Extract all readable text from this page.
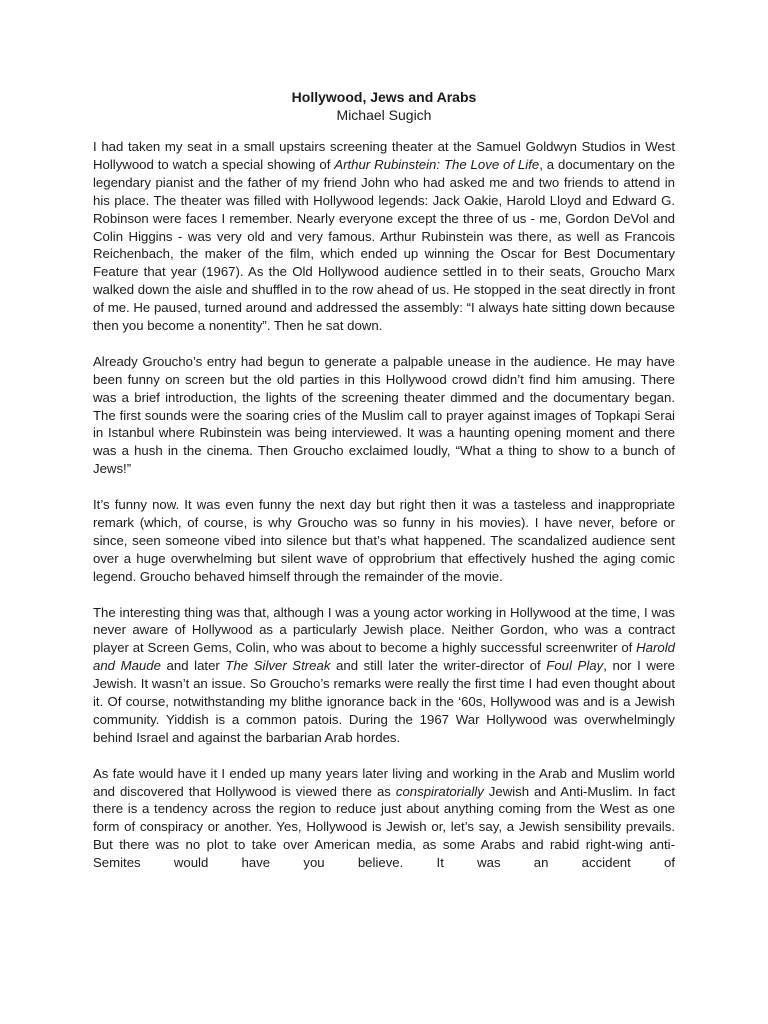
Hollywood, Jews and Arabs
Michael Sugich

I had taken my seat in a small upstairs screening theater at the Samuel Goldwyn Studios in West Hollywood to watch a special showing of Arthur Rubinstein: The Love of Life, a documentary on the legendary pianist and the father of my friend John who had asked me and two friends to attend in his place. The theater was filled with Hollywood legends: Jack Oakie, Harold Lloyd and Edward G. Robinson were faces I remember. Nearly everyone except the three of us - me, Gordon DeVol and Colin Higgins - was very old and very famous. Arthur Rubinstein was there, as well as Francois Reichenbach, the maker of the film, which ended up winning the Oscar for Best Documentary Feature that year (1967). As the Old Hollywood audience settled in to their seats, Groucho Marx walked down the aisle and shuffled in to the row ahead of us. He stopped in the seat directly in front of me. He paused, turned around and addressed the assembly: “I always hate sitting down because then you become a nonentity”. Then he sat down.

Already Groucho’s entry had begun to generate a palpable unease in the audience. He may have been funny on screen but the old parties in this Hollywood crowd didn’t find him amusing. There was a brief introduction, the lights of the screening theater dimmed and the documentary began. The first sounds were the soaring cries of the Muslim call to prayer against images of Topkapi Serai in Istanbul where Rubinstein was being interviewed. It was a haunting opening moment and there was a hush in the cinema. Then Groucho exclaimed loudly, “What a thing to show to a bunch of Jews!”

It’s funny now. It was even funny the next day but right then it was a tasteless and inappropriate remark (which, of course, is why Groucho was so funny in his movies). I have never, before or since, seen someone vibed into silence but that’s what happened. The scandalized audience sent over a huge overwhelming but silent wave of opprobrium that effectively hushed the aging comic legend. Groucho behaved himself through the remainder of the movie.

The interesting thing was that, although I was a young actor working in Hollywood at the time, I was never aware of Hollywood as a particularly Jewish place. Neither Gordon, who was a contract player at Screen Gems, Colin, who was about to become a highly successful screenwriter of Harold and Maude and later The Silver Streak and still later the writer-director of Foul Play, nor I were Jewish. It wasn’t an issue. So Groucho’s remarks were really the first time I had even thought about it. Of course, notwithstanding my blithe ignorance back in the ‘60s, Hollywood was and is a Jewish community. Yiddish is a common patois. During the 1967 War Hollywood was overwhelmingly behind Israel and against the barbarian Arab hordes.

As fate would have it I ended up many years later living and working in the Arab and Muslim world and discovered that Hollywood is viewed there as conspiratorially Jewish and Anti-Muslim. In fact there is a tendency across the region to reduce just about anything coming from the West as one form of conspiracy or another. Yes, Hollywood is Jewish or, let’s say, a Jewish sensibility prevails. But there was no plot to take over American media, as some Arabs and rabid right-wing anti-Semites would have you believe. It was an accident of
